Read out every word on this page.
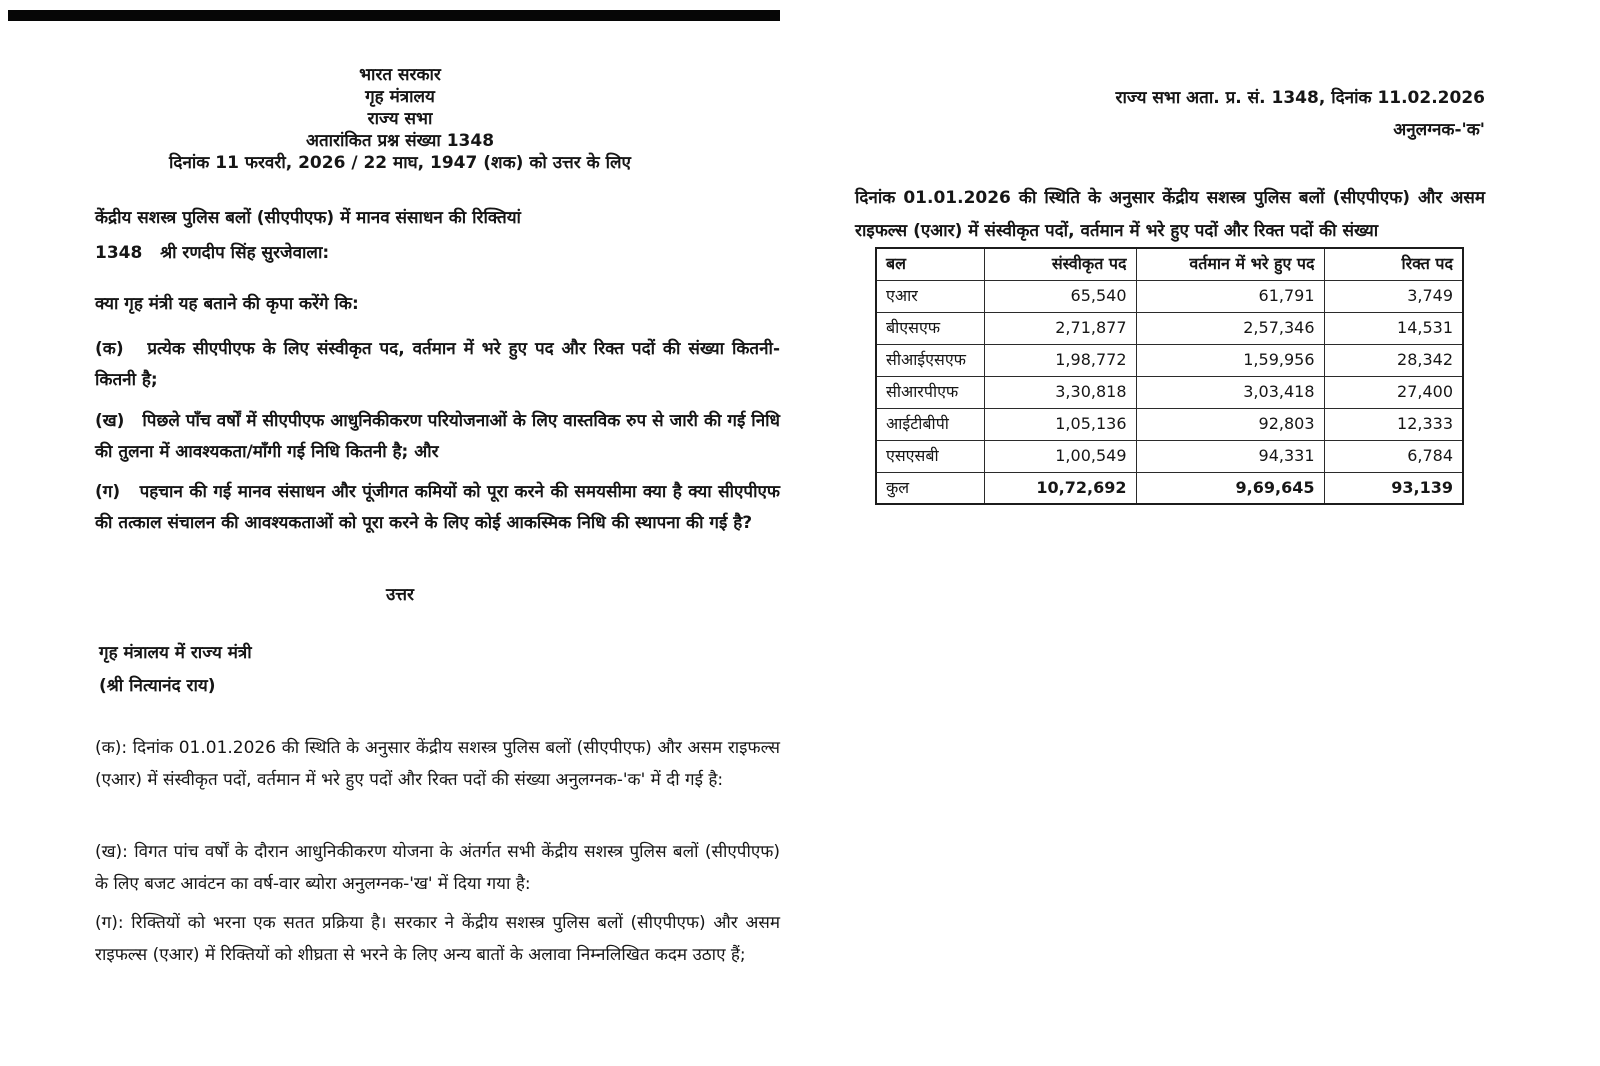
भारत सरकार
गृह मंत्रालय
राज्य सभा
अतारांकित प्रश्न संख्या 1348
दिनांक 11 फरवरी, 2026 / 22 माघ, 1947 (शक) को उत्तर के लिए
केंद्रीय सशस्त्र पुलिस बलों (सीएपीएफ) में मानव संसाधन की रिक्तियां
1348   श्री रणदीप सिंह सुरजेवाला:
क्या गृह मंत्री यह बताने की कृपा करेंगे कि:
(क)   प्रत्येक सीएपीएफ के लिए संस्वीकृत पद, वर्तमान में भरे हुए पद और रिक्त पदों की संख्या कितनी-कितनी है;
(ख)   पिछले पाँच वर्षों में सीएपीएफ आधुनिकीकरण परियोजनाओं के लिए वास्तविक रुप से जारी की गई निधि की तुलना में आवश्यकता/माँगी गई निधि कितनी है; और
(ग)   पहचान की गई मानव संसाधन और पूंजीगत कमियों को पूरा करने की समयसीमा क्या है क्या सीएपीएफ की तत्काल संचालन की आवश्यकताओं को पूरा करने के लिए कोई आकस्मिक निधि की स्थापना की गई है?
उत्तर
गृह मंत्रालय में राज्य मंत्री
(श्री नित्यानंद राय)
(क): दिनांक 01.01.2026 की स्थिति के अनुसार केंद्रीय सशस्त्र पुलिस बलों (सीएपीएफ) और असम राइफल्स (एआर) में संस्वीकृत पदों, वर्तमान में भरे हुए पदों और रिक्त पदों की संख्या अनुलग्नक-'क' में दी गई है:
(ख): विगत पांच वर्षों के दौरान आधुनिकीकरण योजना के अंतर्गत सभी केंद्रीय सशस्त्र पुलिस बलों (सीएपीएफ) के लिए बजट आवंटन का वर्ष-वार ब्योरा अनुलग्नक-'ख' में दिया गया है:
(ग): रिक्तियों को भरना एक सतत प्रक्रिया है। सरकार ने केंद्रीय सशस्त्र पुलिस बलों (सीएपीएफ) और असम राइफल्स (एआर) में रिक्तियों को शीघ्रता से भरने के लिए अन्य बातों के अलावा निम्नलिखित कदम उठाए हैं;
राज्य सभा अता. प्र. सं. 1348, दिनांक 11.02.2026
अनुलग्नक-'क'
दिनांक 01.01.2026 की स्थिति के अनुसार केंद्रीय सशस्त्र पुलिस बलों (सीएपीएफ) और असम राइफल्स (एआर) में संस्वीकृत पदों, वर्तमान में भरे हुए पदों और रिक्त पदों की संख्या
बल	संस्वीकृत पद	वर्तमान में भरे हुए पद	रिक्त पद
एआर	65,540	61,791	3,749
बीएसएफ	2,71,877	2,57,346	14,531
सीआईएसएफ	1,98,772	1,59,956	28,342
सीआरपीएफ	3,30,818	3,03,418	27,400
आईटीबीपी	1,05,136	92,803	12,333
एसएसबी	1,00,549	94,331	6,784
कुल	10,72,692	9,69,645	93,139
